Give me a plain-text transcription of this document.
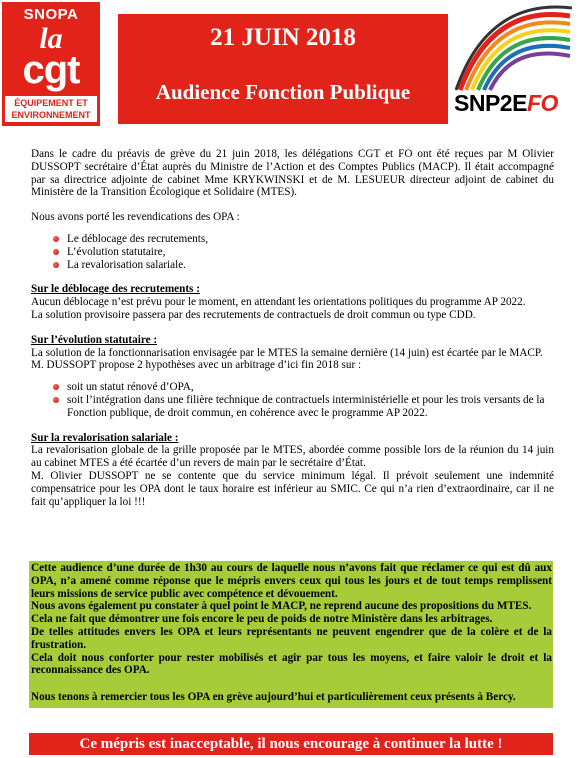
SNOPA
la
cgt
ÉQUIPEMENT ET
ENVIRONNEMENT
21 JUIN 2018
Audience Fonction Publique	SNP2EFO

Dans le cadre du préavis de grève du 21 juin 2018, les délégations CGT et FO ont été reçues par M Olivier DUSSOPT secrétaire d’État auprès du Ministre de l’Action et des Comptes Publics (MACP). Il était accompagné par sa directrice adjointe de cabinet Mme KRYKWINSKI et de M. LESUEUR directeur adjoint de cabinet du Ministère de la Transition Écologique et Solidaire (MTES).

Nous avons porté les revendications des OPA :

Le déblocage des recrutements,
L’évolution statutaire,
La revalorisation salariale.

Sur le déblocage des recrutements :

Aucun déblocage n’est prévu pour le moment, en attendant les orientations politiques du programme AP 2022.

La solution provisoire passera par des recrutements de contractuels de droit commun ou type CDD.

Sur l’évolution statutaire :

La solution de la fonctionnarisation envisagée par le MTES la semaine dernière (14 juin) est écartée par le MACP.

M. DUSSOPT propose 2 hypothèses avec un arbitrage d’ici fin 2018 sur :

soit un statut rénové d’OPA,
soit l’intégration dans une filière technique de contractuels interministérielle et pour les trois versants de la Fonction publique, de droit commun, en cohérence avec le programme AP 2022.

Sur la revalorisation salariale :

La revalorisation globale de la grille proposée par le MTES, abordée comme possible lors de la réunion du 14 juin au cabinet MTES a été écartée d’un revers de main par le secrétaire d’État.

M. Olivier DUSSOPT ne se contente que du service minimum légal. Il prévoit seulement une indemnité compensatrice pour les OPA dont le taux horaire est inférieur au SMIC. Ce qui n’a rien d’extraordinaire, car il ne fait qu’appliquer la loi !!!

Cette audience d’une durée de 1h30 au cours de laquelle nous n’avons fait que réclamer ce qui est dû aux OPA, n’a amené comme réponse que le mépris envers ceux qui tous les jours et de tout temps remplissent leurs missions de service public avec compétence et dévouement.

Nous avons également pu constater à quel point le MACP, ne reprend aucune des propositions du MTES.

Cela ne fait que démontrer une fois encore le peu de poids de notre Ministère dans les arbitrages.

De telles attitudes envers les OPA et leurs représentants ne peuvent engendrer que de la colère et de la frustration.

Cela doit nous conforter pour rester mobilisés et agir par tous les moyens, et faire valoir le droit et la reconnaissance des OPA.

Nous tenons à remercier tous les OPA en grève aujourd’hui et particulièrement ceux présents à Bercy.

Ce mépris est inacceptable, il nous encourage à continuer la lutte !
